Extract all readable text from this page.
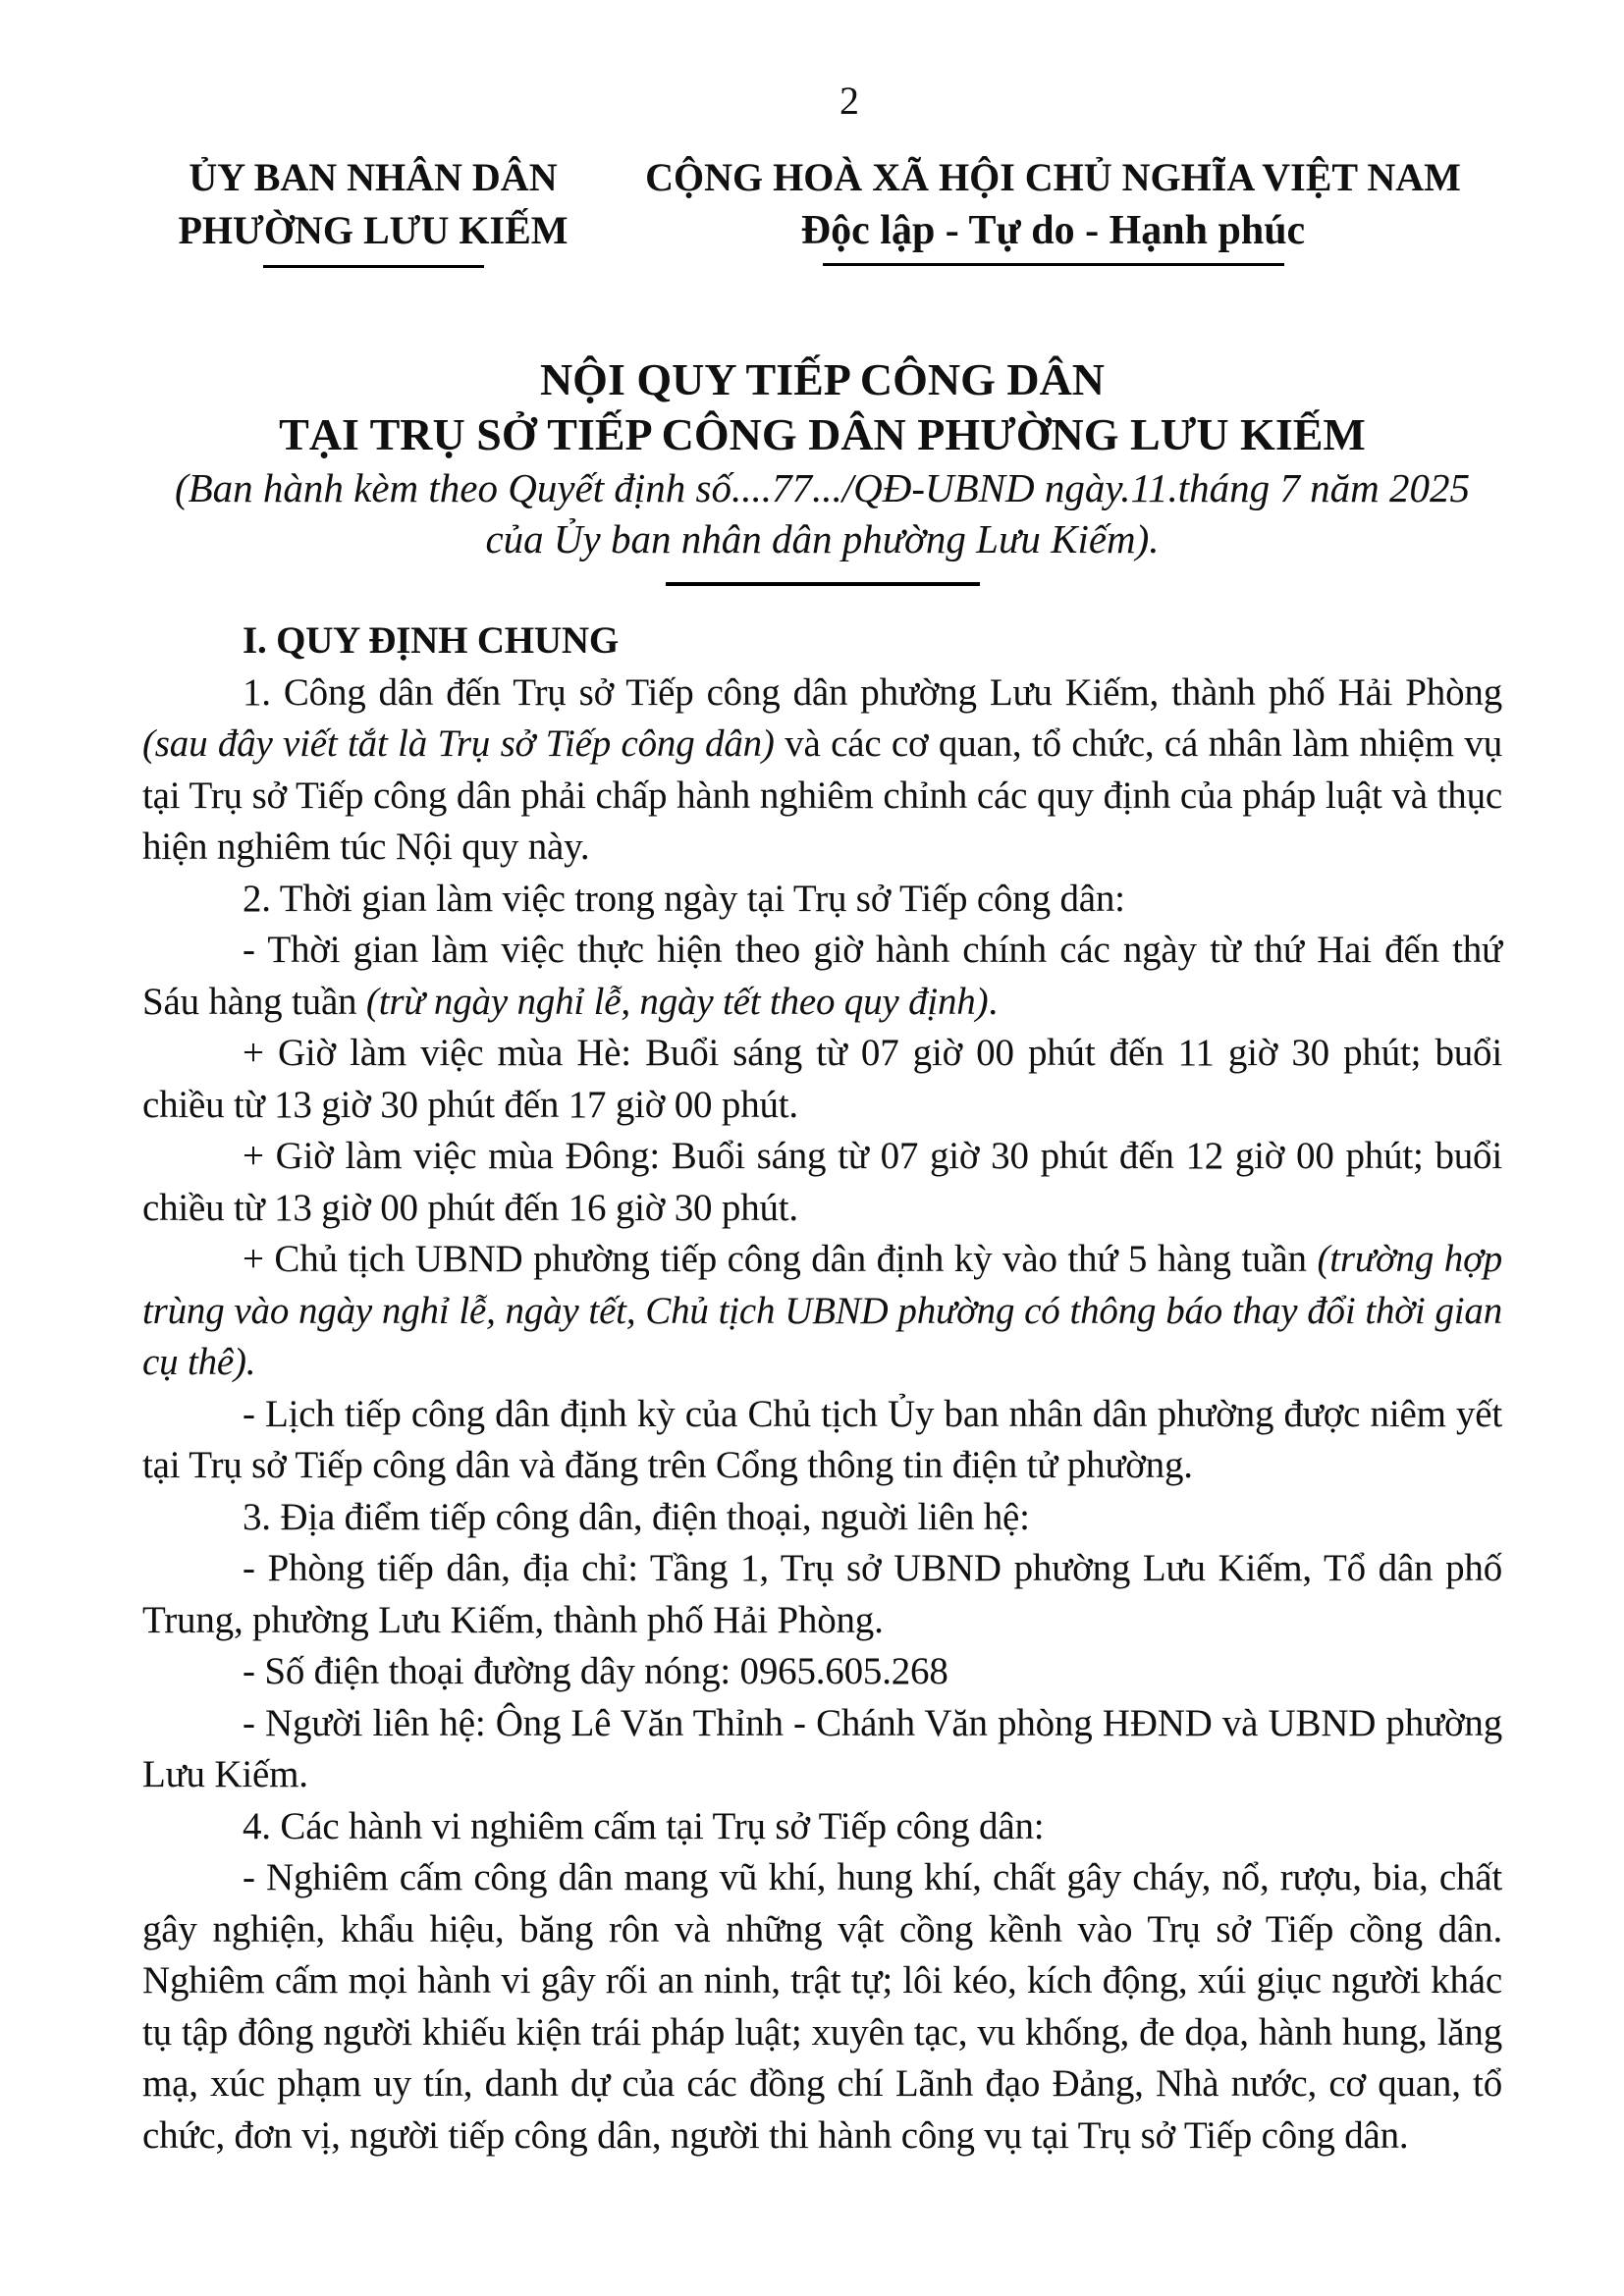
2
ỦY BAN NHÂN DÂN
PHƯỜNG LƯU KIẾM
CỘNG HOÀ XÃ HỘI CHỦ NGHĨA VIỆT NAM
Độc lập - Tự do - Hạnh phúc
NỘI QUY TIẾP CÔNG DÂN
TẠI TRỤ SỞ TIẾP CÔNG DÂN PHƯỜNG LƯU KIẾM
(Ban hành kèm theo Quyết định số....77.../QĐ-UBND ngày.11.tháng 7 năm 2025
của Ủy ban nhân dân phường Lưu Kiếm).

I. QUY ĐỊNH CHUNG

1. Công dân đến Trụ sở Tiếp công dân phường Lưu Kiếm, thành phố Hải Phòng (sau đây viết tắt là Trụ sở Tiếp công dân) và các cơ quan, tổ chức, cá nhân làm nhiệm vụ tại Trụ sở Tiếp công dân phải chấp hành nghiêm chỉnh các quy định của pháp luật và thục hiện nghiêm túc Nội quy này.

2. Thời gian làm việc trong ngày tại Trụ sở Tiếp công dân:

- Thời gian làm việc thực hiện theo giờ hành chính các ngày từ thứ Hai đến thứ Sáu hàng tuần (trừ ngày nghỉ lễ, ngày tết theo quy định).

+ Giờ làm việc mùa Hè: Buổi sáng từ 07 giờ 00 phút đến 11 giờ 30 phút; buổi chiều từ 13 giờ 30 phút đến 17 giờ 00 phút.

+ Giờ làm việc mùa Đông: Buổi sáng từ 07 giờ 30 phút đến 12 giờ 00 phút; buổi chiều từ 13 giờ 00 phút đến 16 giờ 30 phút.

+ Chủ tịch UBND phường tiếp công dân định kỳ vào thứ 5 hàng tuần (trường hợp trùng vào ngày nghỉ lễ, ngày tết, Chủ tịch UBND phường có thông báo thay đổi thời gian cụ thê).

- Lịch tiếp công dân định kỳ của Chủ tịch Ủy ban nhân dân phường được niêm yết tại Trụ sở Tiếp công dân và đăng trên Cổng thông tin điện tử phường.

3. Địa điểm tiếp công dân, điện thoại, nguời liên hệ:

- Phòng tiếp dân, địa chỉ: Tầng 1, Trụ sở UBND phường Lưu Kiếm, Tổ dân phố Trung, phường Lưu Kiếm, thành phố Hải Phòng.

- Số điện thoại đường dây nóng: 0965.605.268

- Người liên hệ: Ông Lê Văn Thỉnh - Chánh Văn phòng HĐND và UBND phường Lưu Kiếm.

4. Các hành vi nghiêm cấm tại Trụ sở Tiếp công dân:

- Nghiêm cấm công dân mang vũ khí, hung khí, chất gây cháy, nổ, rượu, bia, chất gây nghiện, khẩu hiệu, băng rôn và những vật cồng kềnh vào Trụ sở Tiếp cồng dân. Nghiêm cấm mọi hành vi gây rối an ninh, trật tự; lôi kéo, kích động, xúi giục người khác tụ tập đông người khiếu kiện trái pháp luật; xuyên tạc, vu khống, đe dọa, hành hung, lăng mạ, xúc phạm uy tín, danh dự của các đồng chí Lãnh đạo Đảng, Nhà nước, cơ quan, tổ chức, đơn vị, người tiếp công dân, người thi hành công vụ tại Trụ sở Tiếp công dân.
